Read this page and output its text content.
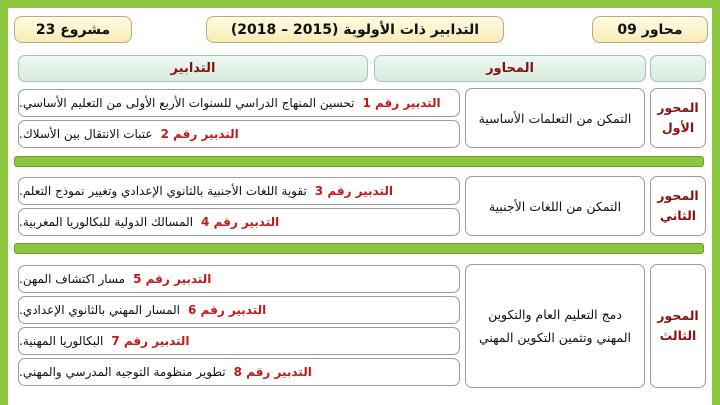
23 مشروع	التدابير ذات الأولوية (2015 – 2018)	09 محاور
المحاور
التدابير
المحور
الأول
التمكن من التعلمات الأساسية
التدبير رقم 1
تحسين المنهاج الدراسي للسنوات الأربع الأولى من التعليم الأساسي.
التدبير رقم 2
عتبات الانتقال بين الأسلاك.
المحور
الثاني
التمكن من اللغات الأجنبية
التدبير رقم 3
تقوية اللغات الأجنبية بالثانوي الإعدادي وتغيير نموذج التعلم.
التدبير رقم 4
المسالك الدولية للبكالوريا المغربية.
المحور
الثالث
دمج التعليم العام والتكوين
المهني وتثمين التكوين المهني
التدبير رقم 5
مسار اكتشاف المهن.
التدبير رقم 6
المسار المهني بالثانوي الإعدادي.
التدبير رقم 7
البكالوريا المهنية.
التدبير رقم 8
تطوير منظومة التوجيه المدرسي والمهني.
